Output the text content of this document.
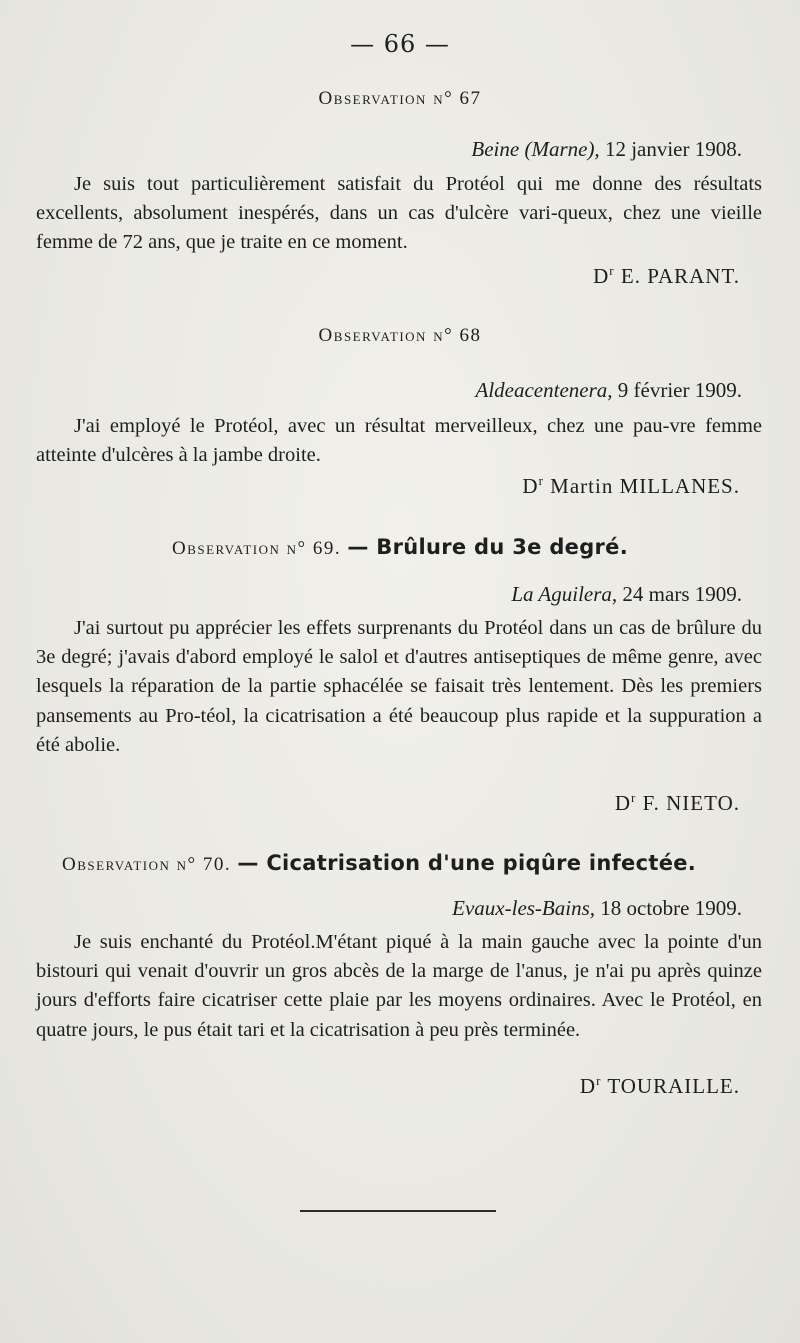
— 66 —
Observation n° 67
Beine (Marne), 12 janvier 1908.

Je suis tout particulièrement satisfait du Protéol qui me donne des résultats excellents, absolument inespérés, dans un cas d'ulcère vari-queux, chez une vieille femme de 72 ans, que je traite en ce moment.

$D^r$ E. PARANT.
Observation n° 68
Aldeacentenera, 9 février 1909.

J'ai employé le Protéol, avec un résultat merveilleux, chez une pau-vre femme atteinte d'ulcères à la jambe droite.

$D^r$ Martin MILLANES.
Observation n° 69. — Brûlure du 3e degré.
La Aguilera, 24 mars 1909.

J'ai surtout pu apprécier les effets surprenants du Protéol dans un cas de brûlure du 3e degré; j'avais d'abord employé le salol et d'autres antiseptiques de même genre, avec lesquels la réparation de la partie sphacélée se faisait très lentement. Dès les premiers pansements au Pro-téol, la cicatrisation a été beaucoup plus rapide et la suppuration a été abolie.

$D^r$ F. NIETO.
Observation n° 70. — Cicatrisation d'une piqûre infectée.
Evaux-les-Bains, 18 octobre 1909.

Je suis enchanté du Protéol.M'étant piqué à la main gauche avec la pointe d'un bistouri qui venait d'ouvrir un gros abcès de la marge de l'anus, je n'ai pu après quinze jours d'efforts faire cicatriser cette plaie par les moyens ordinaires. Avec le Protéol, en quatre jours, le pus était tari et la cicatrisation à peu près terminée.

$D^r$ TOURAILLE.
